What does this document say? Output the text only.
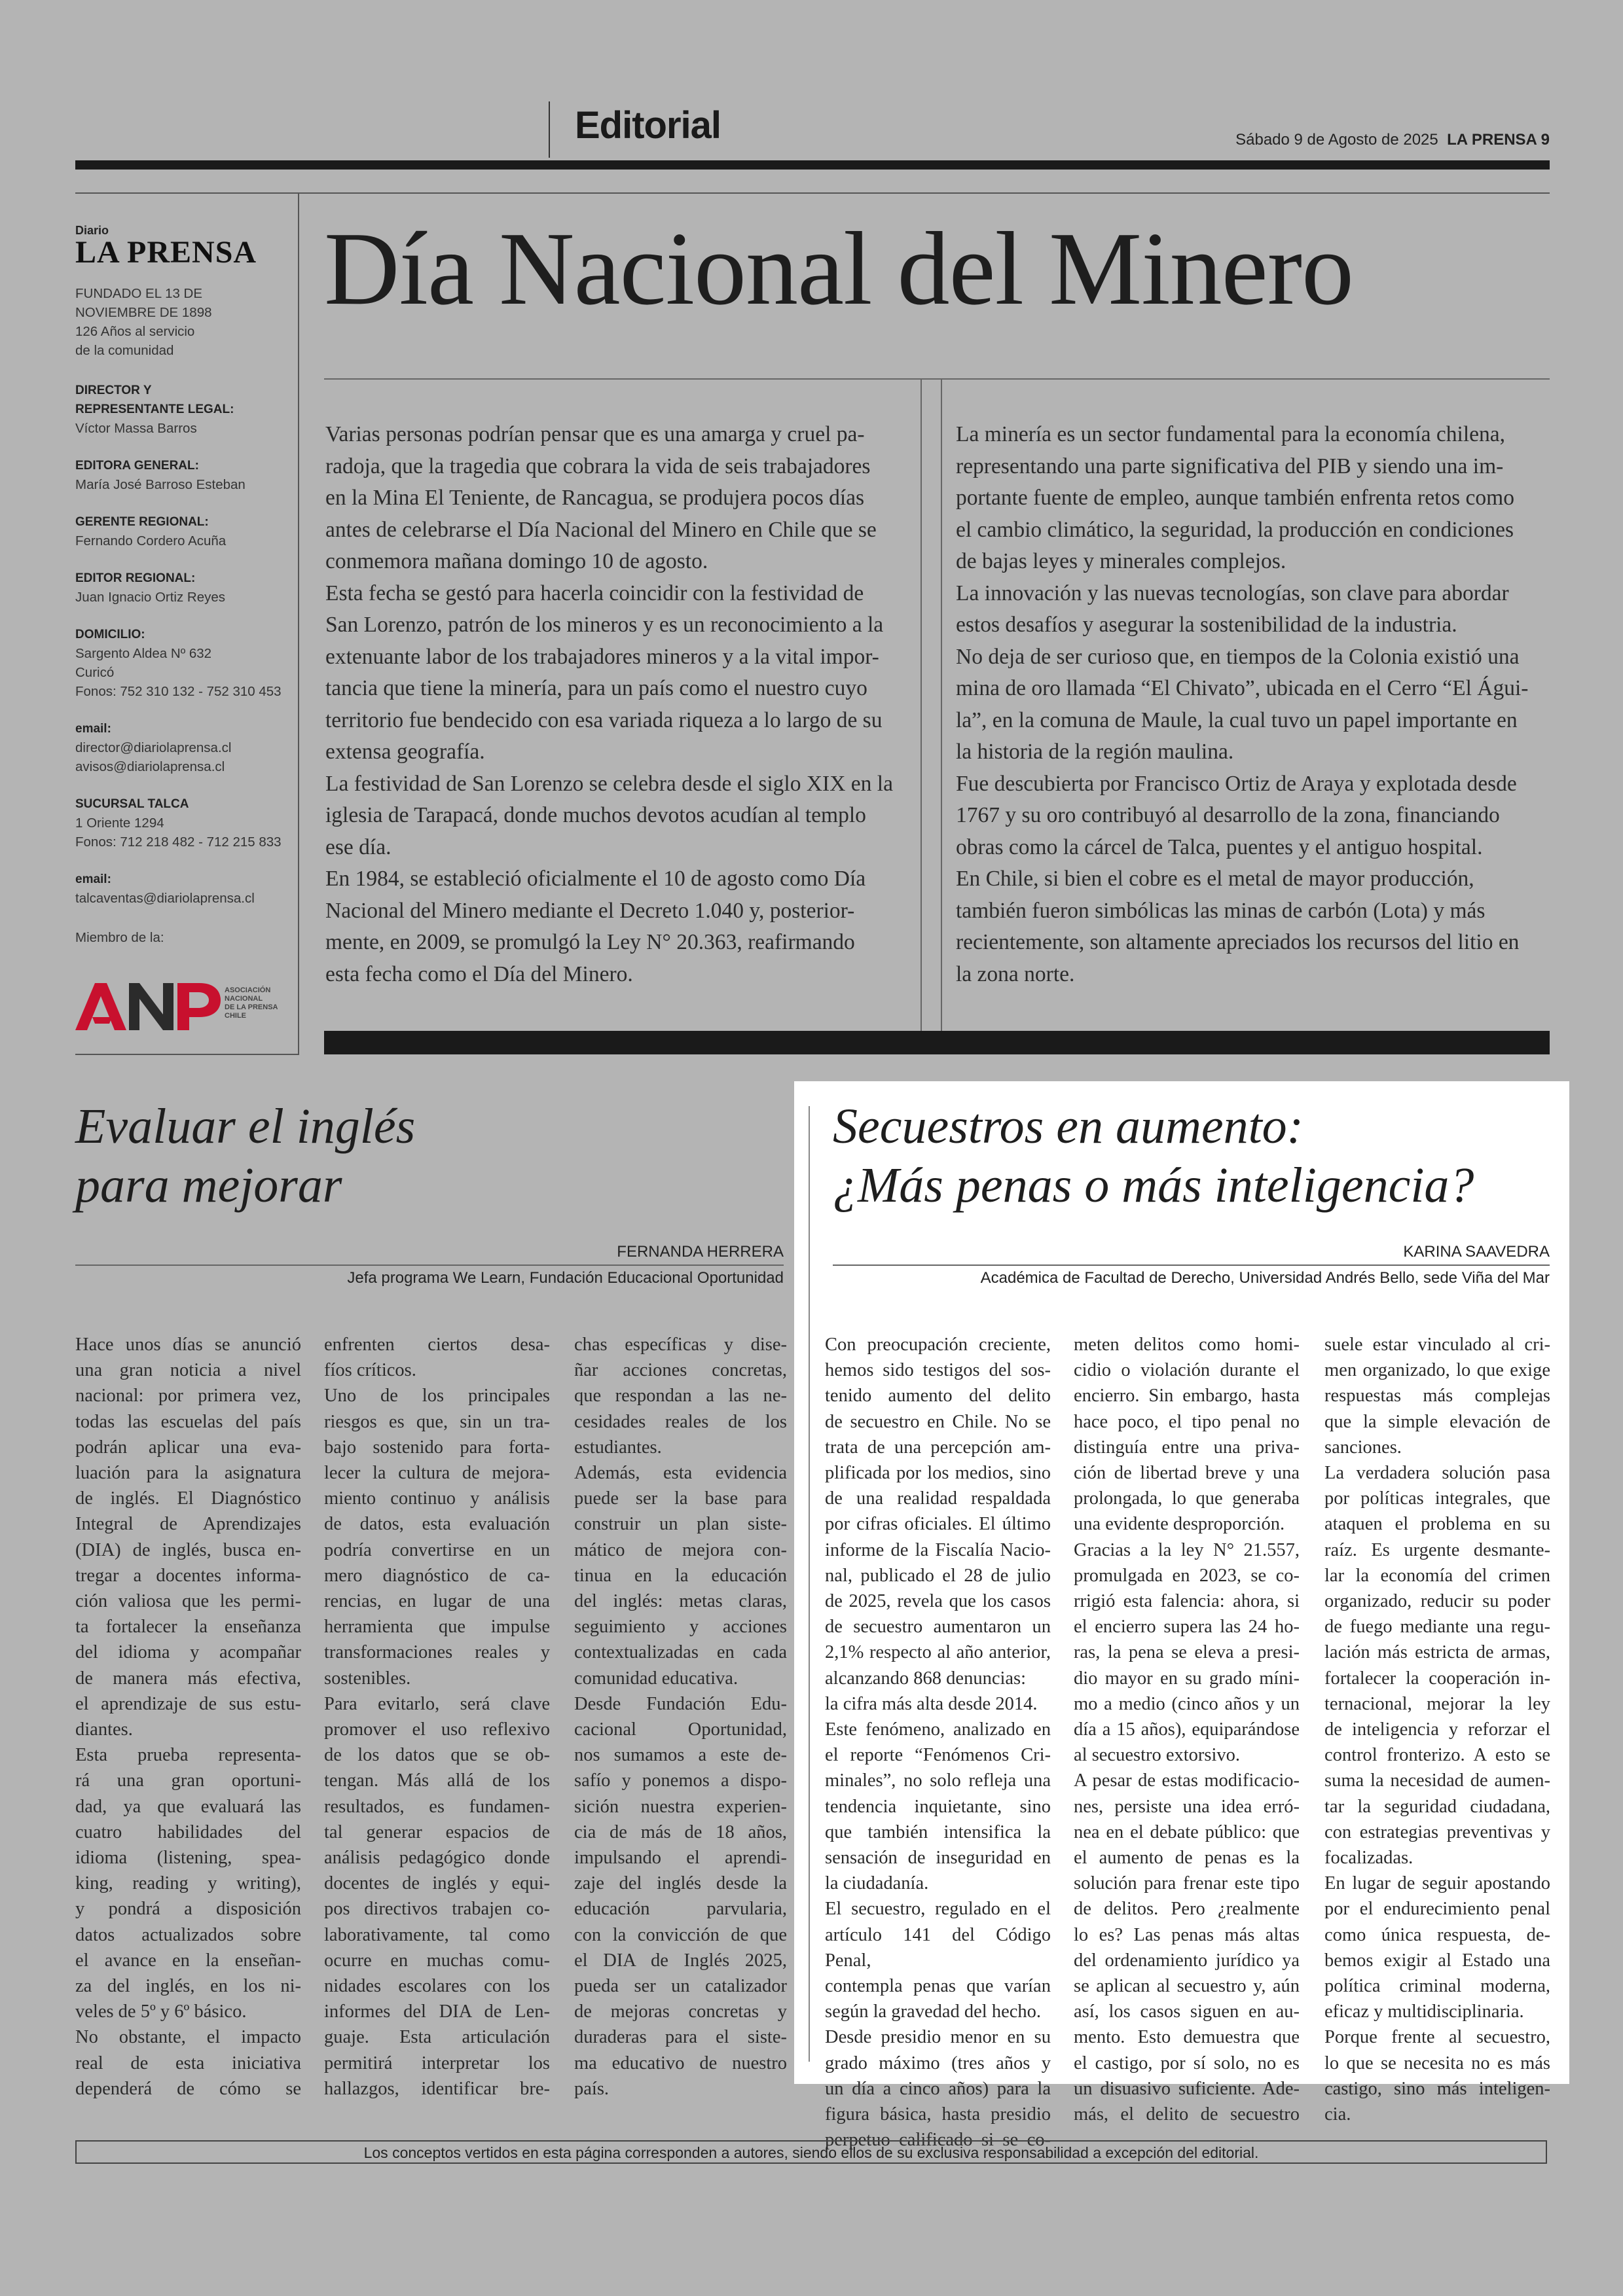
Editorial	Sábado 9 de Agosto de 2025 LA PRENSA 9
Diario
LA PRENSA
FUNDADO EL 13 DE
NOVIEMBRE DE 1898
126 Años al servicio
de la comunidad
DIRECTOR Y
REPRESENTANTE LEGAL:
Víctor Massa Barros
EDITORA GENERAL:
María José Barroso Esteban
GERENTE REGIONAL:
Fernando Cordero Acuña
EDITOR REGIONAL:
Juan Ignacio Ortiz Reyes
DOMICILIO:
Sargento Aldea Nº 632
Curicó
Fonos: 752 310 132 - 752 310 453
email:
director@diariolaprensa.cl
avisos@diariolaprensa.cl
SUCURSAL TALCA
1 Oriente 1294
Fonos: 712 218 482 - 712 215 833
email:
talcaventas@diariolaprensa.cl
Miembro de la:
ASOCIACIÓN NACIONAL DE LA PRENSA CHILE
Día Nacional del Minero
Varias personas podrían pensar que es una amarga y cruel pa-
radoja, que la tragedia que cobrara la vida de seis trabajadores
en la Mina El Teniente, de Rancagua, se produjera pocos días
antes de celebrarse el Día Nacional del Minero en Chile que se
conmemora mañana domingo 10 de agosto.
Esta fecha se gestó para hacerla coincidir con la festividad de
San Lorenzo, patrón de los mineros y es un reconocimiento a la
extenuante labor de los trabajadores mineros y a la vital impor-
tancia que tiene la minería, para un país como el nuestro cuyo
territorio fue bendecido con esa variada riqueza a lo largo de su
extensa geografía.
La festividad de San Lorenzo se celebra desde el siglo XIX en la
iglesia de Tarapacá, donde muchos devotos acudían al templo
ese día.
En 1984, se estableció oficialmente el 10 de agosto como Día
Nacional del Minero mediante el Decreto 1.040 y, posterior-
mente, en 2009, se promulgó la Ley N° 20.363, reafirmando
esta fecha como el Día del Minero.
La minería es un sector fundamental para la economía chilena,
representando una parte significativa del PIB y siendo una im-
portante fuente de empleo, aunque también enfrenta retos como
el cambio climático, la seguridad, la producción en condiciones
de bajas leyes y minerales complejos.
La innovación y las nuevas tecnologías, son clave para abordar
estos desafíos y asegurar la sostenibilidad de la industria.
No deja de ser curioso que, en tiempos de la Colonia existió una
mina de oro llamada “El Chivato”, ubicada en el Cerro “El Águi-
la”, en la comuna de Maule, la cual tuvo un papel importante en
la historia de la región maulina.
Fue descubierta por Francisco Ortiz de Araya y explotada desde
1767 y su oro contribuyó al desarrollo de la zona, financiando
obras como la cárcel de Talca, puentes y el antiguo hospital.
En Chile, si bien el cobre es el metal de mayor producción,
también fueron simbólicas las minas de carbón (Lota) y más
recientemente, son altamente apreciados los recursos del litio en
la zona norte.
Evaluar el inglés
para mejorar
FERNANDA HERRERA
Jefa programa We Learn, Fundación Educacional Oportunidad
Hace unos días se anunció
una gran noticia a nivel
nacional: por primera vez,
todas las escuelas del país
podrán aplicar una eva-
luación para la asignatura
de inglés. El Diagnóstico
Integral de Aprendizajes
(DIA) de inglés, busca en-
tregar a docentes informa-
ción valiosa que les permi-
ta fortalecer la enseñanza
del idioma y acompañar
de manera más efectiva,
el aprendizaje de sus estu-
diantes.
Esta prueba representa-
rá una gran oportuni-
dad, ya que evaluará las
cuatro habilidades del
idioma (listening, spea-
king, reading y writing),
y pondrá a disposición
datos actualizados sobre
el avance en la enseñan-
za del inglés, en los ni-
veles de 5º y 6º básico.
No obstante, el impacto
real de esta iniciativa
dependerá de cómo se
enfrenten ciertos desa-
fíos críticos.
Uno de los principales
riesgos es que, sin un tra-
bajo sostenido para forta-
lecer la cultura de mejora-
miento continuo y análisis
de datos, esta evaluación
podría convertirse en un
mero diagnóstico de ca-
rencias, en lugar de una
herramienta que impulse
transformaciones reales y
sostenibles.
Para evitarlo, será clave
promover el uso reflexivo
de los datos que se ob-
tengan. Más allá de los
resultados, es fundamen-
tal generar espacios de
análisis pedagógico donde
docentes de inglés y equi-
pos directivos trabajen co-
laborativamente, tal como
ocurre en muchas comu-
nidades escolares con los
informes del DIA de Len-
guaje. Esta articulación
permitirá interpretar los
hallazgos, identificar bre-
chas específicas y dise-
ñar acciones concretas,
que respondan a las ne-
cesidades reales de los
estudiantes.
Además, esta evidencia
puede ser la base para
construir un plan siste-
mático de mejora con-
tinua en la educación
del inglés: metas claras,
seguimiento y acciones
contextualizadas en cada
comunidad educativa.
Desde Fundación Edu-
cacional Oportunidad,
nos sumamos a este de-
safío y ponemos a dispo-
sición nuestra experien-
cia de más de 18 años,
impulsando el aprendi-
zaje del inglés desde la
educación parvularia,
con la convicción de que
el DIA de Inglés 2025,
pueda ser un catalizador
de mejoras concretas y
duraderas para el siste-
ma educativo de nuestro
país.
Secuestros en aumento:
¿Más penas o más inteligencia?
KARINA SAAVEDRA
Académica de Facultad de Derecho, Universidad Andrés Bello, sede Viña del Mar
Con preocupación creciente,
hemos sido testigos del sos-
tenido aumento del delito
de secuestro en Chile. No se
trata de una percepción am-
plificada por los medios, sino
de una realidad respaldada
por cifras oficiales. El último
informe de la Fiscalía Nacio-
nal, publicado el 28 de julio
de 2025, revela que los casos
de secuestro aumentaron un
2,1% respecto al año anterior,
alcanzando 868 denuncias:
la cifra más alta desde 2014.
Este fenómeno, analizado en
el reporte “Fenómenos Cri-
minales”, no solo refleja una
tendencia inquietante, sino
que también intensifica la
sensación de inseguridad en
la ciudadanía.
El secuestro, regulado en el
artículo 141 del Código Penal,
contempla penas que varían
según la gravedad del hecho.
Desde presidio menor en su
grado máximo (tres años y
un día a cinco años) para la
figura básica, hasta presidio
perpetuo calificado si se co-
meten delitos como homi-
cidio o violación durante el
encierro. Sin embargo, hasta
hace poco, el tipo penal no
distinguía entre una priva-
ción de libertad breve y una
prolongada, lo que generaba
una evidente desproporción.
Gracias a la ley N° 21.557,
promulgada en 2023, se co-
rrigió esta falencia: ahora, si
el encierro supera las 24 ho-
ras, la pena se eleva a presi-
dio mayor en su grado míni-
mo a medio (cinco años y un
día a 15 años), equiparándose
al secuestro extorsivo.
A pesar de estas modificacio-
nes, persiste una idea erró-
nea en el debate público: que
el aumento de penas es la
solución para frenar este tipo
de delitos. Pero ¿realmente
lo es? Las penas más altas
del ordenamiento jurídico ya
se aplican al secuestro y, aún
así, los casos siguen en au-
mento. Esto demuestra que
el castigo, por sí solo, no es
un disuasivo suficiente. Ade-
más, el delito de secuestro
suele estar vinculado al cri-
men organizado, lo que exige
respuestas más complejas
que la simple elevación de
sanciones.
La verdadera solución pasa
por políticas integrales, que
ataquen el problema en su
raíz. Es urgente desmante-
lar la economía del crimen
organizado, reducir su poder
de fuego mediante una regu-
lación más estricta de armas,
fortalecer la cooperación in-
ternacional, mejorar la ley
de inteligencia y reforzar el
control fronterizo. A esto se
suma la necesidad de aumen-
tar la seguridad ciudadana,
con estrategias preventivas y
focalizadas.
En lugar de seguir apostando
por el endurecimiento penal
como única respuesta, de-
bemos exigir al Estado una
política criminal moderna,
eficaz y multidisciplinaria.
Porque frente al secuestro,
lo que se necesita no es más
castigo, sino más inteligen-
cia.
Los conceptos vertidos en esta página corresponden a autores, siendo ellos de su exclusiva responsabilidad a excepción del editorial.
